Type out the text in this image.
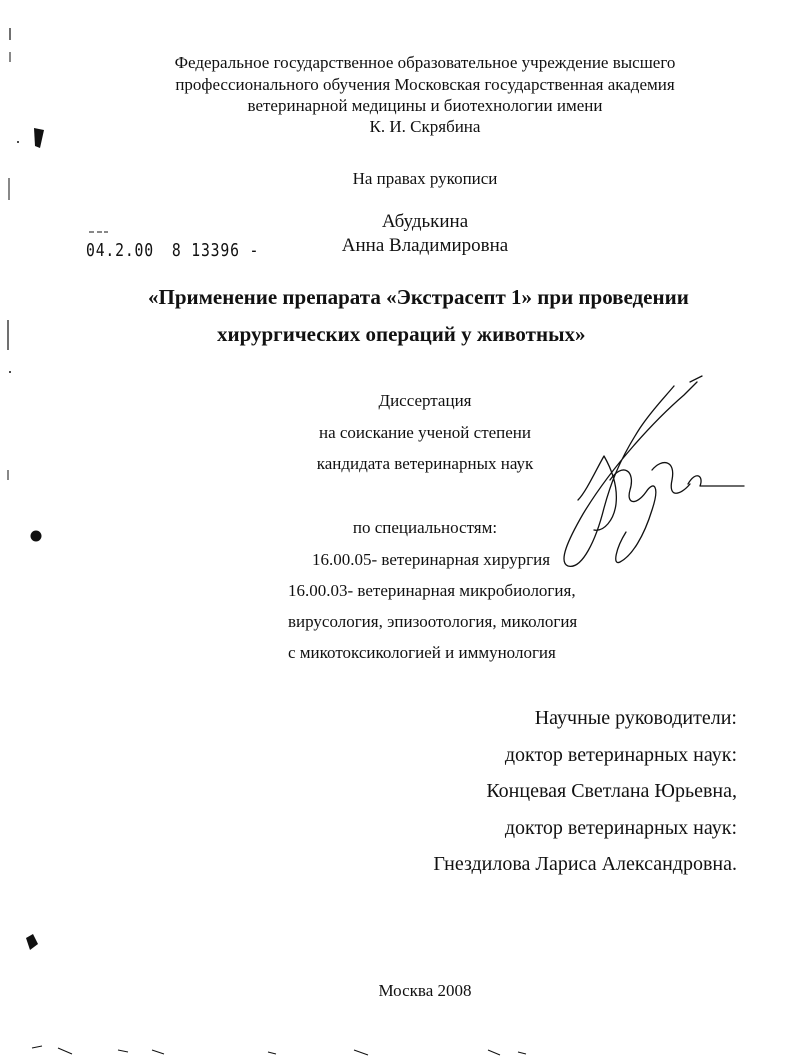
Федеральное государственное образовательное учреждение высшего

профессионального обучения Московская государственная академия

ветеринарной медицины и биотехнологии имени

К. И. Скрябина

На правах рукописи

Абудькина

Анна Владимировна

04.2.00 8 13396 -

«Применение препарата «Экстрасепт 1» при проведении

хирургических операций у животных»

Диссертация

на соискание ученой степени

кандидата ветеринарных наук

по специальностям:

16.00.05- ветеринарная хирургия

16.00.03- ветеринарная микробиология,

вирусология, эпизоотология, микология

с микотоксикологией и иммунология

Научные руководители:

доктор ветеринарных наук:

Концевая Светлана Юрьевна,

доктор ветеринарных наук:

Гнездилова Лариса Александровна.

Москва 2008
